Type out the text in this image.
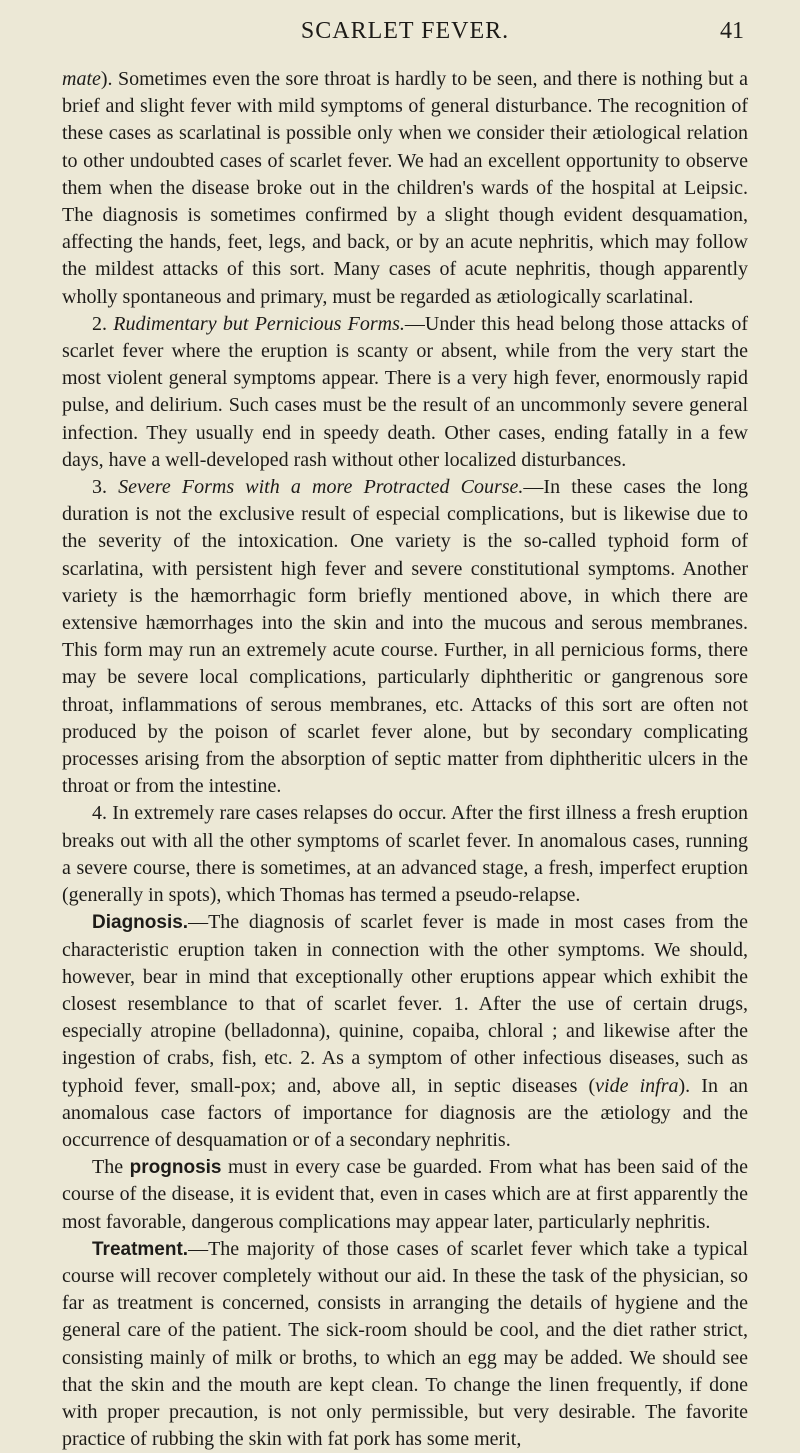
SCARLET FEVER.	41

mate). Sometimes even the sore throat is hardly to be seen, and there is nothing but a brief and slight fever with mild symptoms of general disturbance. The recognition of these cases as scarlatinal is possible only when we consider their ætiological relation to other undoubted cases of scarlet fever. We had an excellent opportunity to observe them when the disease broke out in the children's wards of the hospital at Leipsic. The diagnosis is sometimes confirmed by a slight though evident desquamation, affecting the hands, feet, legs, and back, or by an acute nephritis, which may follow the mildest attacks of this sort. Many cases of acute nephritis, though apparently wholly spontaneous and primary, must be regarded as ætiologically scarlatinal.

2. Rudimentary but Pernicious Forms.—Under this head belong those attacks of scarlet fever where the eruption is scanty or absent, while from the very start the most violent general symptoms appear. There is a very high fever, enormously rapid pulse, and delirium. Such cases must be the result of an uncommonly severe general infection. They usually end in speedy death. Other cases, ending fatally in a few days, have a well-developed rash without other localized disturbances.

3. Severe Forms with a more Protracted Course.—In these cases the long duration is not the exclusive result of especial complications, but is likewise due to the severity of the intoxication. One variety is the so-called typhoid form of scarlatina, with persistent high fever and severe constitutional symptoms. Another variety is the hæmorrhagic form briefly mentioned above, in which there are extensive hæmorrhages into the skin and into the mucous and serous membranes. This form may run an extremely acute course. Further, in all pernicious forms, there may be severe local complications, particularly diphtheritic or gangrenous sore throat, inflammations of serous membranes, etc. Attacks of this sort are often not produced by the poison of scarlet fever alone, but by secondary complicating processes arising from the absorption of septic matter from diphtheritic ulcers in the throat or from the intestine.

4. In extremely rare cases relapses do occur. After the first illness a fresh eruption breaks out with all the other symptoms of scarlet fever. In anomalous cases, running a severe course, there is sometimes, at an advanced stage, a fresh, imperfect eruption (generally in spots), which Thomas has termed a pseudo-relapse.

Diagnosis.—The diagnosis of scarlet fever is made in most cases from the characteristic eruption taken in connection with the other symptoms. We should, however, bear in mind that exceptionally other eruptions appear which exhibit the closest resemblance to that of scarlet fever. 1. After the use of certain drugs, especially atropine (belladonna), quinine, copaiba, chloral ; and likewise after the ingestion of crabs, fish, etc. 2. As a symptom of other infectious diseases, such as typhoid fever, small-pox; and, above all, in septic diseases (vide infra). In an anomalous case factors of importance for diagnosis are the ætiology and the occurrence of desquamation or of a secondary nephritis.

The prognosis must in every case be guarded. From what has been said of the course of the disease, it is evident that, even in cases which are at first apparently the most favorable, dangerous complications may appear later, particularly nephritis.

Treatment.—The majority of those cases of scarlet fever which take a typical course will recover completely without our aid. In these the task of the physician, so far as treatment is concerned, consists in arranging the details of hygiene and the general care of the patient. The sick-room should be cool, and the diet rather strict, consisting mainly of milk or broths, to which an egg may be added. We should see that the skin and the mouth are kept clean. To change the linen frequently, if done with proper precaution, is not only permissible, but very desirable. The favorite practice of rubbing the skin with fat pork has some merit,
